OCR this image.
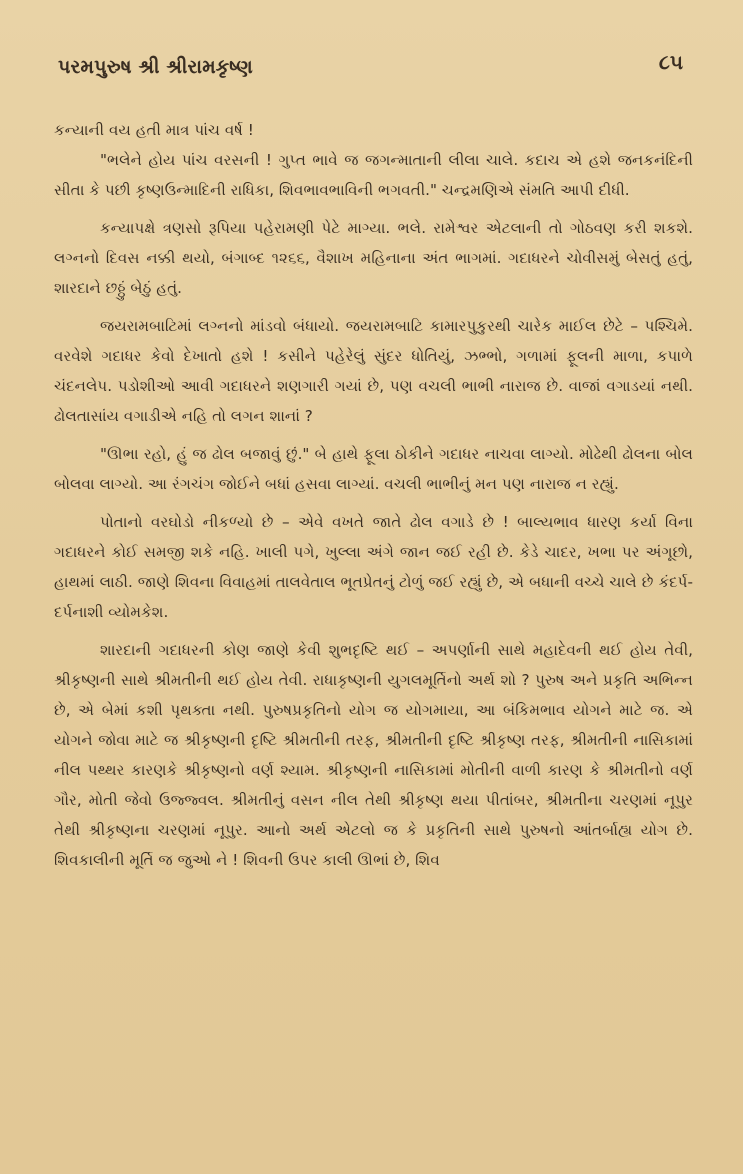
પરમપુરુષ શ્રી શ્રીરામકૃષ્ણ	૮૫

કન્યાની વય હતી માત્ર પાંચ વર્ષ !

"ભલેને હોય પાંચ વરસની ! ગુપ્ત ભાવે જ જગન્માતાની લીલા ચાલે. કદાચ એ હશે જનકનંદિની સીતા કે પછી કૃષ્ણઉન્માદિની રાધિકા, શિવભાવભાવિની ભગવતી." ચન્દ્રમણિએ સંમતિ આપી દીધી.

કન્યાપક્ષે ત્રણસો રૂપિયા પહેરામણી પેટે માગ્યા. ભલે. રામેશ્વર એટલાની તો ગોઠવણ કરી શકશે. લગ્નનો દિવસ નક્કી થયો, બંગાબ્દ ૧૨૬૬, વૈશાખ મહિનાના અંત ભાગમાં. ગદાધરને ચોવીસમું બેસતું હતું, શારદાને છઠ્ઠું બેઠું હતું.

જયરામબાટિમાં લગ્નનો માંડવો બંધાયો. જયરામબાટિ કામારપુકુરથી ચારેક માઈલ છેટે – પશ્ચિમે. વરવેશે ગદાધર કેવો દેખાતો હશે ! કસીને પહેરેલું સુંદર ધોતિયું, ઝભ્ભો, ગળામાં ફૂલની માળા, કપાળે ચંદનલેપ. પડોશીઓ આવી ગદાધરને શણગારી ગયાં છે, પણ વચલી ભાભી નારાજ છે. વાજાં વગાડયાં નથી. ઢોલતાસાંય વગાડીએ નહિ તો લગન શાનાં ?

"ઊભા રહો, હું જ ઢોલ બજાવું છું." બે હાથે ફૂલા ઠોકીને ગદાધર નાચવા લાગ્યો. મોઢેથી ઢોલના બોલ બોલવા લાગ્યો. આ રંગચંગ જોઈને બધાં હસવા લાગ્યાં. વચલી ભાભીનું મન પણ નારાજ ન રહ્યું.

પોતાનો વરઘોડો નીકળ્યો છે – એવે વખતે જાતે ઢોલ વગાડે છે ! બાલ્યભાવ ધારણ કર્યા વિના ગદાધરને કોઈ સમજી શકે નહિ. ખાલી પગે, ખુલ્લા અંગે જાન જઈ રહી છે. કેડે ચાદર, ખભા પર અંગૂછો, હાથમાં લાઠી. જાણે શિવના વિવાહમાં તાલવેતાલ ભૂતપ્રેતનું ટોળું જઈ રહ્યું છે, એ બધાની વચ્ચે ચાલે છે કંદર્પ-દર્પનાશી વ્યોમકેશ.

શારદાની ગદાધરની કોણ જાણે કેવી શુભદૃષ્ટિ થઈ – અપર્ણાની સાથે મહાદેવની થઈ હોય તેવી, શ્રીકૃષ્ણની સાથે શ્રીમતીની થઈ હોય તેવી. રાધાકૃષ્ણની યુગલમૂર્તિનો અર્થ શો ? પુરુષ અને પ્રકૃતિ અભિન્ન છે, એ બેમાં કશી પૃથક્તા નથી. પુરુષપ્રકૃતિનો યોગ જ યોગમાયા, આ બંકિમભાવ યોગને માટે જ. એ યોગને જોવા માટે જ શ્રીકૃષ્ણની દૃષ્ટિ શ્રીમતીની તરફ, શ્રીમતીની દૃષ્ટિ શ્રીકૃષ્ણ તરફ, શ્રીમતીની નાસિકામાં નીલ પથ્થર કારણકે શ્રીકૃષ્ણનો વર્ણ શ્યામ. શ્રીકૃષ્ણની નાસિકામાં મોતીની વાળી કારણ કે શ્રીમતીનો વર્ણ ગૌર, મોતી જેવો ઉજ્જ્વલ. શ્રીમતીનું વસન નીલ તેથી શ્રીકૃષ્ણ થયા પીતાંબર, શ્રીમતીના ચરણમાં નૂપુર તેથી શ્રીકૃષ્ણના ચરણમાં નૂપુર. આનો અર્થ એટલો જ કે પ્રકૃતિની સાથે પુરુષનો આંતર્બાહ્ય યોગ છે. શિવકાલીની મૂર્તિ જ જુઓ ને ! શિવની ઉપર કાલી ઊભાં છે, શિવ
